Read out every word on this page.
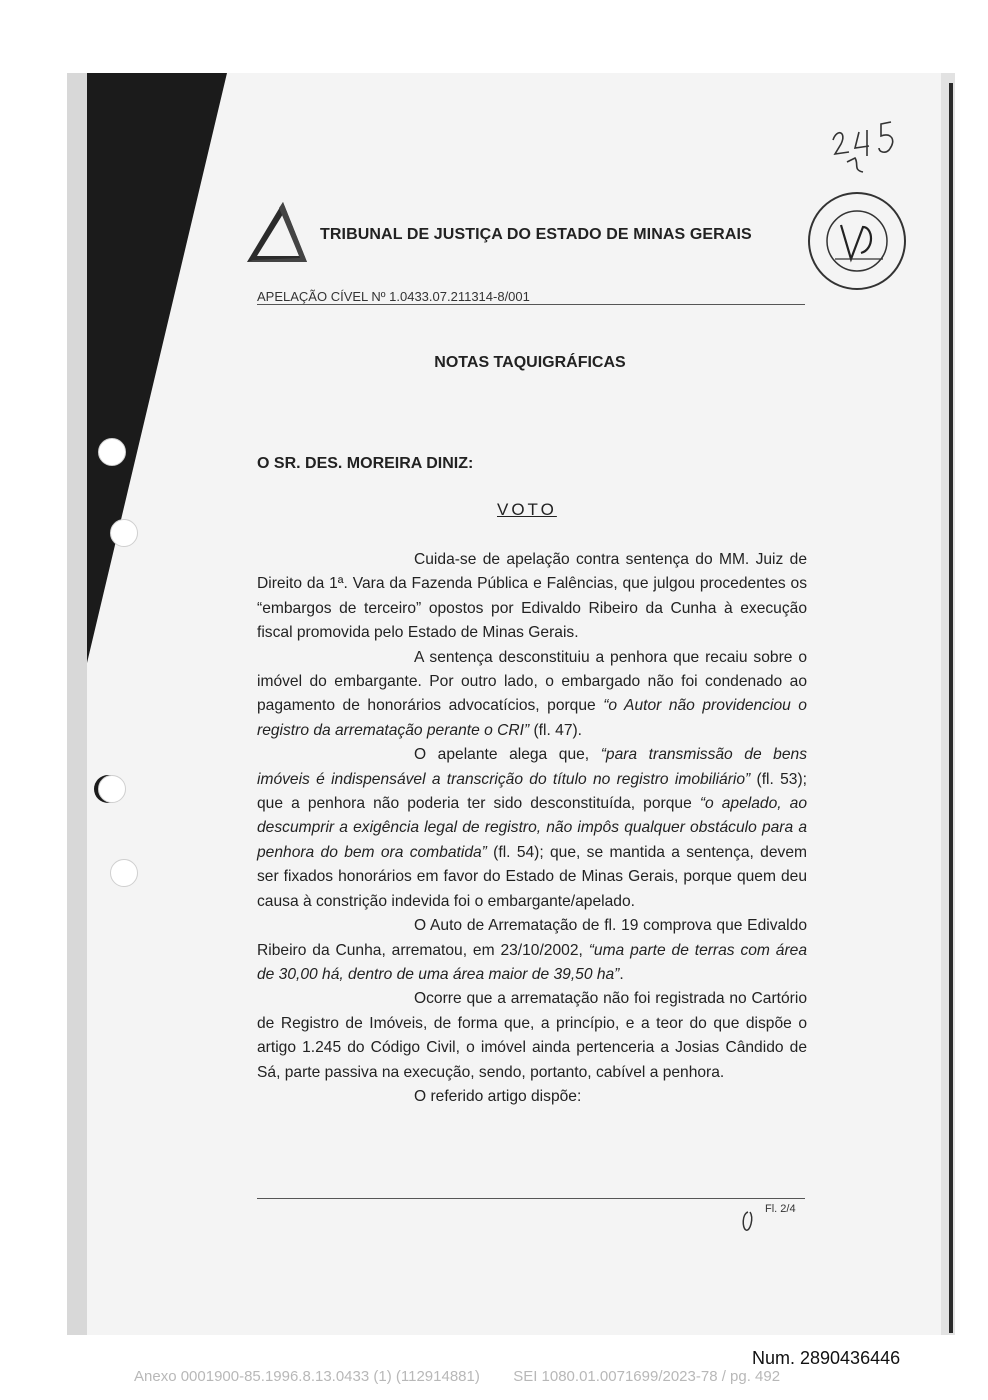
TRIBUNAL DE JUSTIÇA DO ESTADO DE MINAS GERAIS
APELAÇÃO CÍVEL Nº 1.0433.07.211314-8/001
NOTAS TAQUIGRÁFICAS
O SR. DES. MOREIRA DINIZ:
VOTO

Cuida-se de apelação contra sentença do MM. Juiz de Direito da 1ª. Vara da Fazenda Pública e Falências, que julgou procedentes os “embargos de terceiro” opostos por Edivaldo Ribeiro da Cunha à execução fiscal promovida pelo Estado de Minas Gerais.

A sentença desconstituiu a penhora que recaiu sobre o imóvel do embargante. Por outro lado, o embargado não foi condenado ao pagamento de honorários advocatícios, porque “o Autor não providenciou o registro da arrematação perante o CRI” (fl. 47).

O apelante alega que, “para transmissão de bens imóveis é indispensável a transcrição do título no registro imobiliário” (fl. 53); que a penhora não poderia ter sido desconstituída, porque “o apelado, ao descumprir a exigência legal de registro, não impôs qualquer obstáculo para a penhora do bem ora combatida” (fl. 54); que, se mantida a sentença, devem ser fixados honorários em favor do Estado de Minas Gerais, porque quem deu causa à constrição indevida foi o embargante/apelado.

O Auto de Arrematação de fl. 19 comprova que Edivaldo Ribeiro da Cunha, arrematou, em 23/10/2002, “uma parte de terras com área de 30,00 há, dentro de uma área maior de 39,50 ha”.

Ocorre que a arrematação não foi registrada no Cartório de Registro de Imóveis, de forma que, a princípio, e a teor do que dispõe o artigo 1.245 do Código Civil, o imóvel ainda pertenceria a Josias Cândido de Sá, parte passiva na execução, sendo, portanto, cabível a penhora.

O referido artigo dispõe:

Fl. 2/4
Num. 2890436446
Anexo 0001900-85.1996.8.13.0433 (1) (112914881) SEI 1080.01.0071699/2023-78 / pg. 492
